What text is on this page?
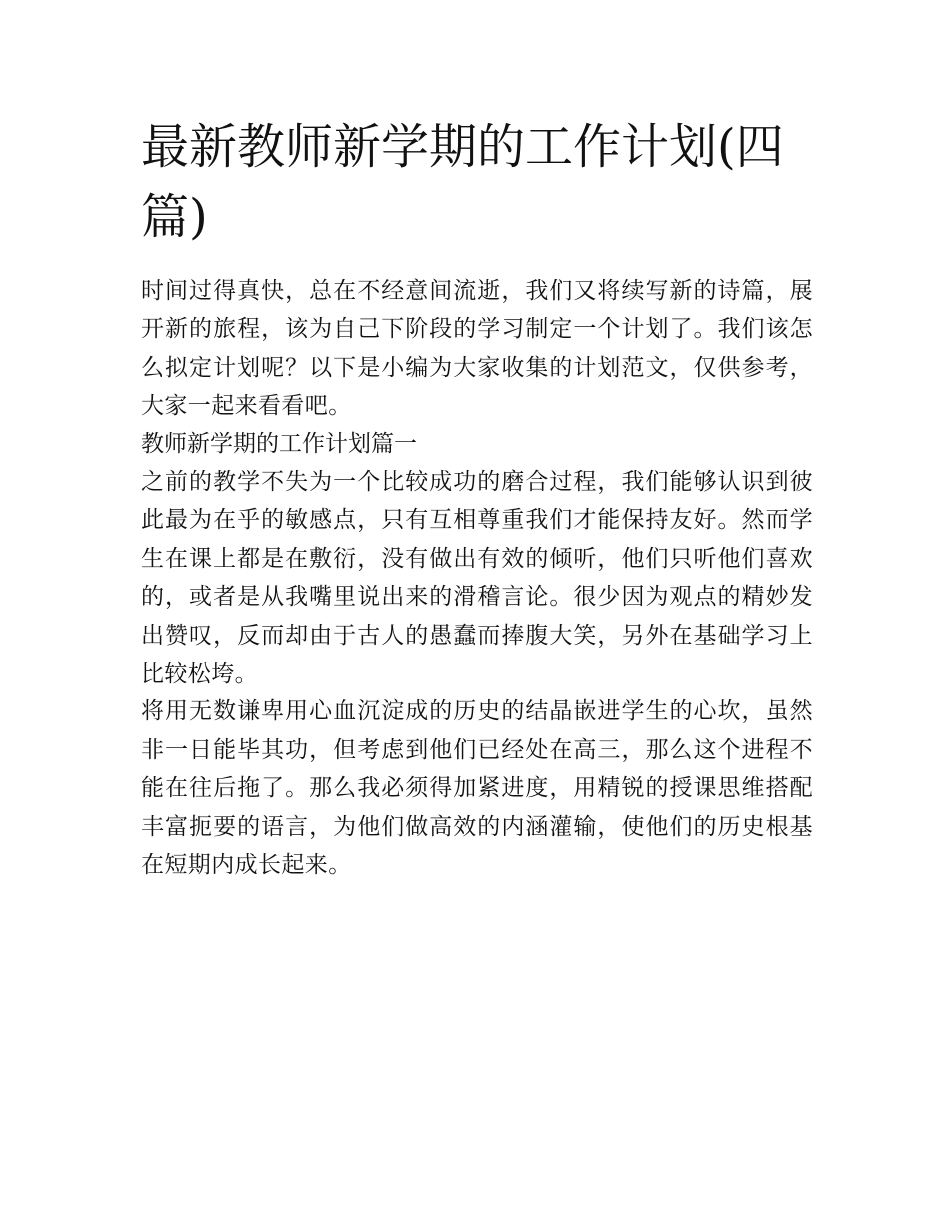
最新教师新学期的工作计划(四篇)

时间过得真快，总在不经意间流逝，我们又将续写新的诗篇，展开新的旅程，该为自己下阶段的学习制定一个计划了。我们该怎么拟定计划呢？以下是小编为大家收集的计划范文，仅供参考，大家一起来看看吧。

教师新学期的工作计划篇一

之前的教学不失为一个比较成功的磨合过程，我们能够认识到彼此最为在乎的敏感点，只有互相尊重我们才能保持友好。然而学生在课上都是在敷衍，没有做出有效的倾听，他们只听他们喜欢的，或者是从我嘴里说出来的滑稽言论。很少因为观点的精妙发出赞叹，反而却由于古人的愚蠢而捧腹大笑，另外在基础学习上比较松垮。

将用无数谦卑用心血沉淀成的历史的结晶嵌进学生的心坎，虽然非一日能毕其功，但考虑到他们已经处在高三，那么这个进程不能在往后拖了。那么我必须得加紧进度，用精锐的授课思维搭配丰富扼要的语言，为他们做高效的内涵灌输，使他们的历史根基在短期内成长起来。
